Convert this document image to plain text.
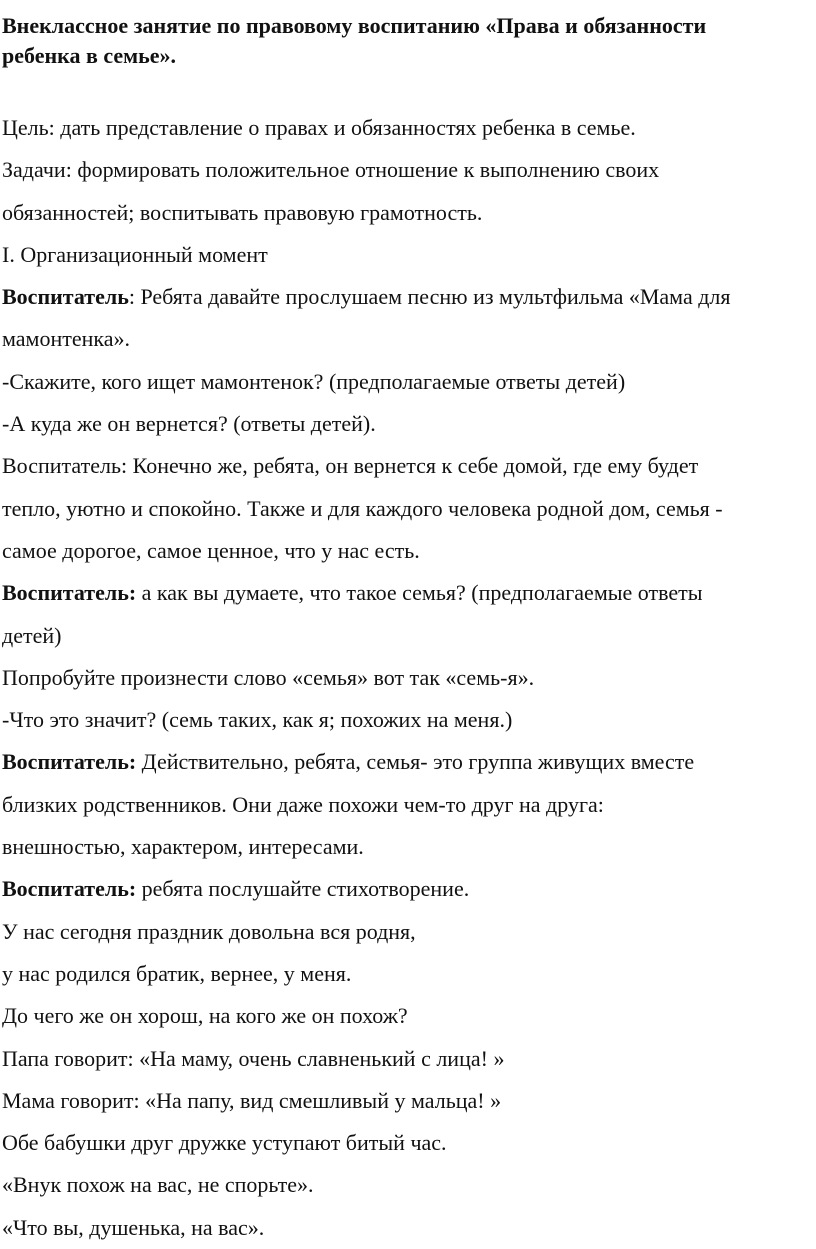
Внеклассное занятие по правовому воспитанию «Права и обязанности
ребенка в семье».

Цель: дать представление о правах и обязанностях ребенка в семье.

Задачи: формировать положительное отношение к выполнению своих

обязанностей; воспитывать правовую грамотность.

I. Организационный момент

Воспитатель: Ребята давайте прослушаем песню из мультфильма «Мама для

мамонтенка».

-Скажите, кого ищет мамонтенок? (предполагаемые ответы детей)

-А куда же он вернется? (ответы детей).

Воспитатель: Конечно же, ребята, он вернется к себе домой, где ему будет

тепло, уютно и спокойно. Также и для каждого человека родной дом, семья -

самое дорогое, самое ценное, что у нас есть.

Воспитатель: а как вы думаете, что такое семья? (предполагаемые ответы

детей)

Попробуйте произнести слово «семья» вот так «семь-я».

-Что это значит? (семь таких, как я; похожих на меня.)

Воспитатель: Действительно, ребята, семья- это группа живущих вместе

близких родственников. Они даже похожи чем-то друг на друга:

внешностью, характером, интересами.

Воспитатель: ребята послушайте стихотворение.

У нас сегодня праздник довольна вся родня,

у нас родился братик, вернее, у меня.

До чего же он хорош, на кого же он похож?

Папа говорит: «На маму, очень славненький с лица! »

Мама говорит: «На папу, вид смешливый у мальца! »

Обе бабушки друг дружке уступают битый час.

«Внук похож на вас, не спорьте».

«Что вы, душенька, на вас».
